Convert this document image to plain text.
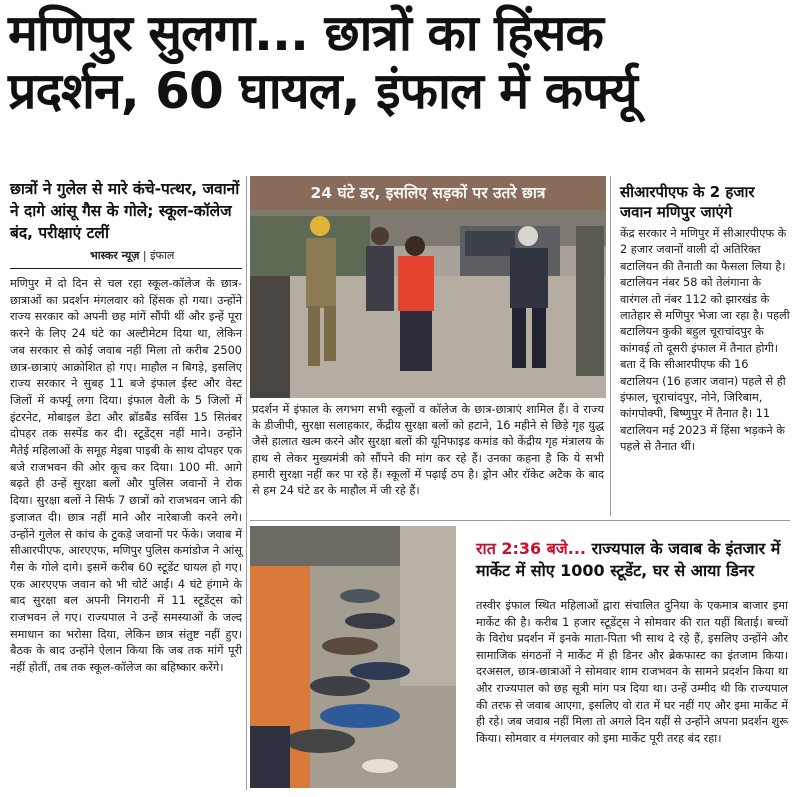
मणिपुर सुलगा... छात्रों का हिंसक
प्रदर्शन, 60 घायल, इंफाल में कर्फ्यू
छात्रों ने गुलेल से मारे कंचे-पत्थर, जवानों ने दागे आंसू गैस के गोले; स्कूल-कॉलेज बंद, परीक्षाएं टलीं
भास्कर न्यूज़ | इंफाल
मणिपुर में दो दिन से चल रहा स्कूल-कॉलेज के छात्र-छात्राओं का प्रदर्शन मंगलवार को हिंसक हो गया। उन्होंने राज्य सरकार को अपनी छह मांगें सौंपी थीं और इन्हें पूरा करने के लिए 24 घंटे का अल्टीमेटम दिया था, लेकिन जब सरकार से कोई जवाब नहीं मिला तो करीब 2500 छात्र-छात्राएं आक्रोशित हो गए। माहौल न बिगड़े, इसलिए राज्य सरकार ने सुबह 11 बजे इंफाल ईस्ट और वेस्ट जिलों में कर्फ्यू लगा दिया। इंफाल वैली के 5 जिलों में इंटरनेट, मोबाइल डेटा और ब्रॉडबैंड सर्विस 15 सितंबर दोपहर तक सस्पेंड कर दी। स्टूडेंट्स नहीं माने। उन्होंने मैतेई महिलाओं के समूह मेइबा पाइबी के साथ दोपहर एक बजे राजभवन की ओर कूच कर दिया। 100 मी. आगे बढ़ते ही उन्हें सुरक्षा बलों और पुलिस जवानों ने रोक दिया। सुरक्षा बलों ने सिर्फ 7 छात्रों को राजभवन जाने की इजाजत दी। छात्र नहीं माने और नारेबाजी करने लगे। उन्होंने गुलेल से कांच के टुकड़े जवानों पर फेंके। जवाब में सीआरपीएफ, आरएएफ, मणिपुर पुलिस कमांडोज ने आंसू गैस के गोले दागे। इसमें करीब 60 स्टूडेंट घायल हो गए। एक आरएएफ जवान को भी चोटें आईं। 4 घंटे हंगामे के बाद सुरक्षा बल अपनी निगरानी में 11 स्टूडेंट्स को राजभवन ले गए। राज्यपाल ने उन्हें समस्याओं के जल्द समाधान का भरोसा दिया, लेकिन छात्र संतुष्ट नहीं हुए। बैठक के बाद उन्होंने ऐलान किया कि जब तक मांगें पूरी नहीं होतीं, तब तक स्कूल-कॉलेज का बहिष्कार करेंगे।
24 घंटे डर, इसलिए सड़कों पर उतरे छात्र
प्रदर्शन में इंफाल के लगभग सभी स्कूलों व कॉलेज के छात्र-छात्राएं शामिल हैं। वे राज्य के डीजीपी, सुरक्षा सलाहकार, केंद्रीय सुरक्षा बलों को हटाने, 16 महीने से छिड़े गृह युद्ध जैसे हालात खत्म करने और सुरक्षा बलों की यूनिफाइड कमांड को केंद्रीय गृह मंत्रालय के हाथ से लेकर मुख्यमंत्री को सौंपने की मांग कर रहे हैं। उनका कहना है कि ये सभी हमारी सुरक्षा नहीं कर पा रहे हैं। स्कूलों में पढ़ाई ठप है। ड्रोन और रॉकेट अटैक के बाद से हम 24 घंटे डर के माहौल में जी रहे हैं।
सीआरपीएफ के 2 हजार जवान मणिपुर जाएंगे
केंद्र सरकार ने मणिपुर में सीआरपीएफ के 2 हजार जवानों वाली दो अतिरिक्त बटालियन की तैनाती का फैसला लिया है। बटालियन नंबर 58 को तेलंगाना के वारंगल तो नंबर 112 को झारखंड के लातेहार से मणिपुर भेजा जा रहा है। पहली बटालियन कुकी बहुल चूराचांदपुर के कांगवई तो दूसरी इंफाल में तैनात होगी। बता दें कि सीआरपीएफ की 16 बटालियन (16 हजार जवान) पहले से ही इंफाल, चूराचांदपुर, नोने, जिरिबाम, कांगपोक्पी, बिष्णुपुर में तैनात है। 11 बटालियन मई 2023 में हिंसा भड़कने के पहले से तैनात थीं।
रात 2:36 बजे... राज्यपाल के जवाब के इंतजार में मार्केट में सोए 1000 स्टूडेंट, घर से आया डिनर
तस्वीर इंफाल स्थित महिलाओं द्वारा संचालित दुनिया के एकमात्र बाजार इमा मार्केट की है। करीब 1 हजार स्टूडेंट्स ने सोमवार की रात यहीं बिताई। बच्चों के विरोध प्रदर्शन में इनके माता-पिता भी साथ दे रहे हैं, इसलिए उन्होंने और सामाजिक संगठनों ने मार्केट में ही डिनर और ब्रेकफास्ट का इंतजाम किया। दरअसल, छात्र-छात्राओं ने सोमवार शाम राजभवन के सामने प्रदर्शन किया था और राज्यपाल को छह सूत्री मांग पत्र दिया था। उन्हें उम्मीद थी कि राज्यपाल की तरफ से जवाब आएगा, इसलिए वो रात में घर नहीं गए और इमा मार्केट में ही रहे। जब जवाब नहीं मिला तो अगले दिन यहीं से उन्होंने अपना प्रदर्शन शुरू किया। सोमवार व मंगलवार को इमा मार्केट पूरी तरह बंद रहा।
